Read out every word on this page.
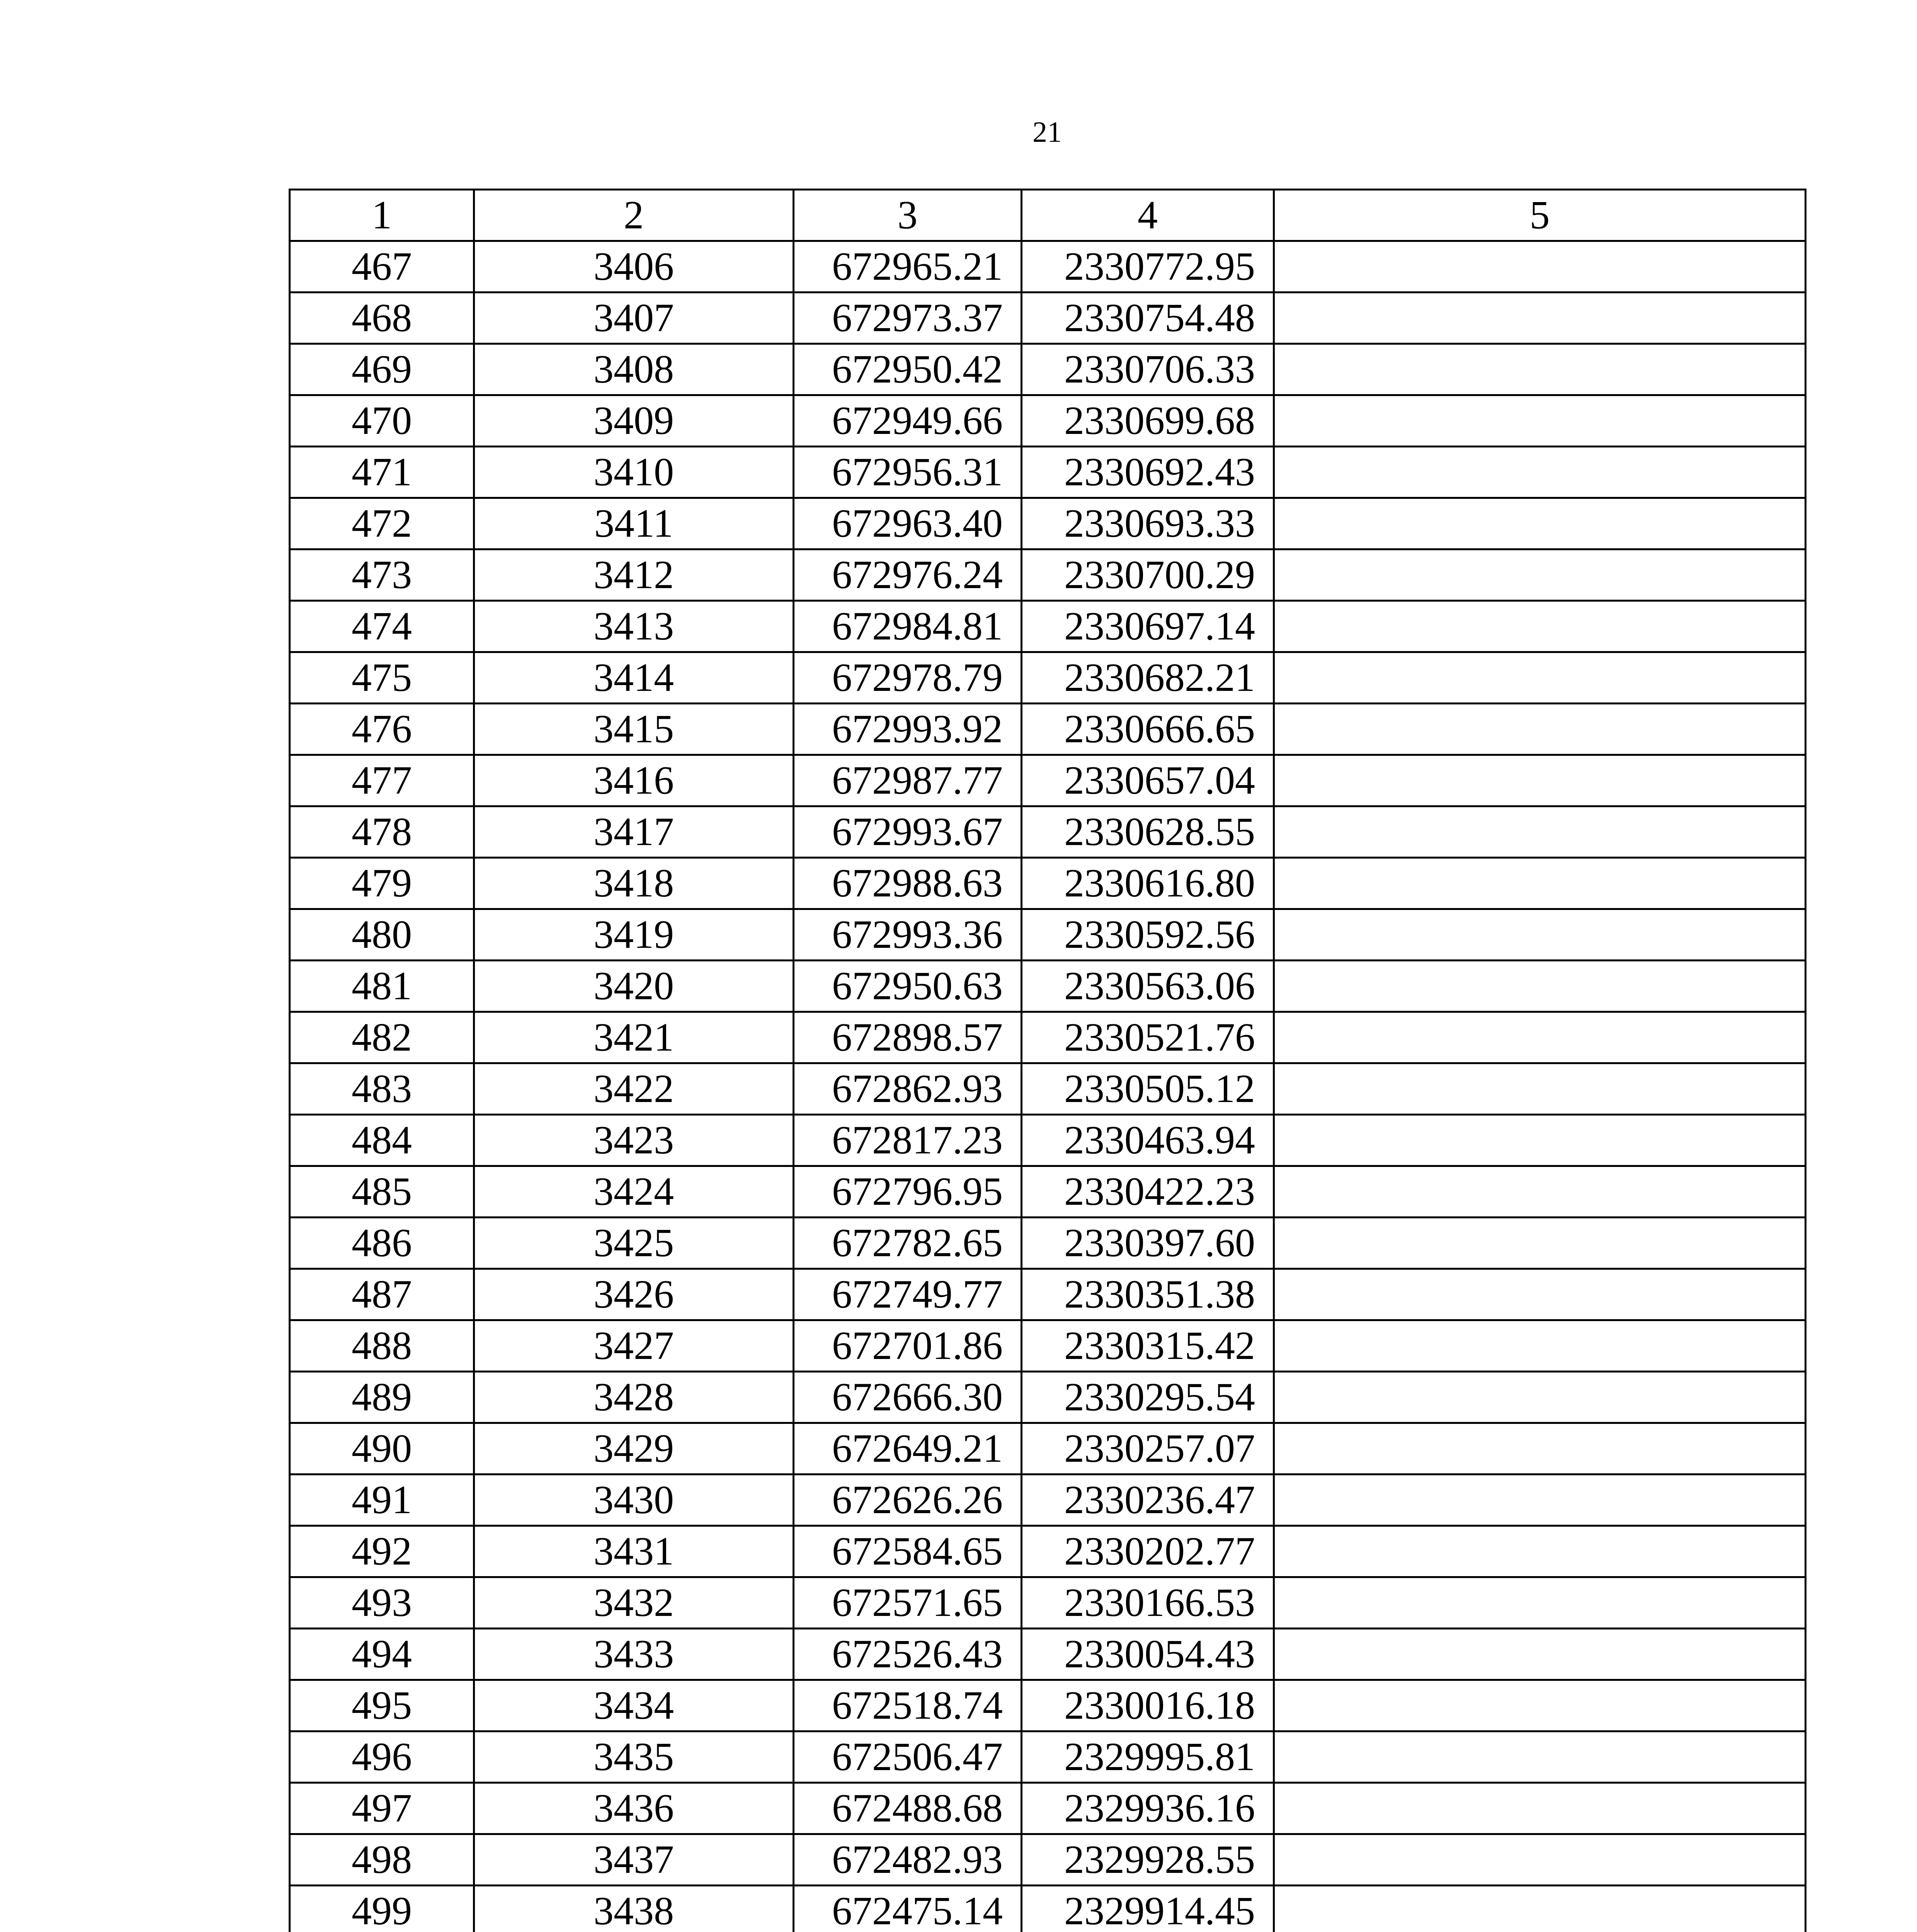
21
1	2	3	4	5
467	3406	672965.21	2330772.95	
468	3407	672973.37	2330754.48	
469	3408	672950.42	2330706.33	
470	3409	672949.66	2330699.68	
471	3410	672956.31	2330692.43	
472	3411	672963.40	2330693.33	
473	3412	672976.24	2330700.29	
474	3413	672984.81	2330697.14	
475	3414	672978.79	2330682.21	
476	3415	672993.92	2330666.65	
477	3416	672987.77	2330657.04	
478	3417	672993.67	2330628.55	
479	3418	672988.63	2330616.80	
480	3419	672993.36	2330592.56	
481	3420	672950.63	2330563.06	
482	3421	672898.57	2330521.76	
483	3422	672862.93	2330505.12	
484	3423	672817.23	2330463.94	
485	3424	672796.95	2330422.23	
486	3425	672782.65	2330397.60	
487	3426	672749.77	2330351.38	
488	3427	672701.86	2330315.42	
489	3428	672666.30	2330295.54	
490	3429	672649.21	2330257.07	
491	3430	672626.26	2330236.47	
492	3431	672584.65	2330202.77	
493	3432	672571.65	2330166.53	
494	3433	672526.43	2330054.43	
495	3434	672518.74	2330016.18	
496	3435	672506.47	2329995.81	
497	3436	672488.68	2329936.16	
498	3437	672482.93	2329928.55	
499	3438	672475.14	2329914.45	
